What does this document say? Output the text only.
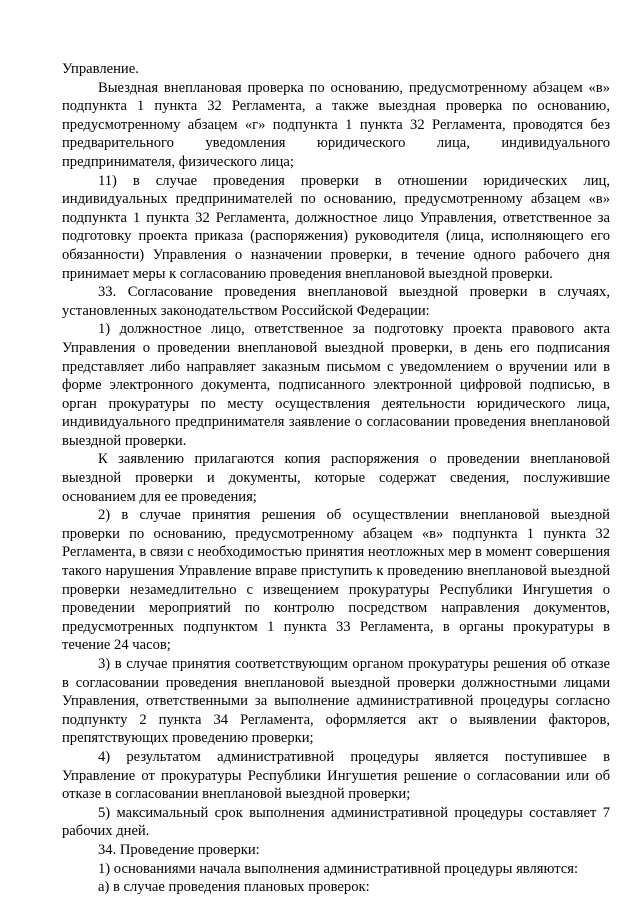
Управление.

Выездная внеплановая проверка по основанию, предусмотренному абзацем «в» подпункта 1 пункта 32 Регламента, а также выездная проверка по основанию, предусмотренному абзацем «г» подпункта 1 пункта 32 Регламента, проводятся без предварительного уведомления юридического лица, индивидуального предпринимателя, физического лица;

11) в случае проведения проверки в отношении юридических лиц, индивидуальных предпринимателей по основанию, предусмотренному абзацем «в» подпункта 1 пункта 32 Регламента, должностное лицо Управления, ответственное за подготовку проекта приказа (распоряжения) руководителя (лица, исполняющего его обязанности) Управления о назначении проверки, в течение одного рабочего дня принимает меры к согласованию проведения внеплановой выездной проверки.

33. Согласование проведения внеплановой выездной проверки в случаях, установленных законодательством Российской Федерации:

1) должностное лицо, ответственное за подготовку проекта правового акта Управления о проведении внеплановой выездной проверки, в день его подписания представляет либо направляет заказным письмом с уведомлением о вручении или в форме электронного документа, подписанного электронной цифровой подписью, в орган прокуратуры по месту осуществления деятельности юридического лица, индивидуального предпринимателя заявление о согласовании проведения внеплановой выездной проверки.

К заявлению прилагаются копия распоряжения о проведении внеплановой выездной проверки и документы, которые содержат сведения, послужившие основанием для ее проведения;

2) в случае принятия решения об осуществлении внеплановой выездной проверки по основанию, предусмотренному абзацем «в» подпункта 1 пункта 32 Регламента, в связи с необходимостью принятия неотложных мер в момент совершения такого нарушения Управление вправе приступить к проведению внеплановой выездной проверки незамедлительно с извещением прокуратуры Республики Ингушетия о проведении мероприятий по контролю посредством направления документов, предусмотренных подпунктом 1 пункта 33 Регламента, в органы прокуратуры в течение 24 часов;

3) в случае принятия соответствующим органом прокуратуры решения об отказе в согласовании проведения внеплановой выездной проверки должностными лицами Управления, ответственными за выполнение административной процедуры согласно подпункту 2 пункта 34 Регламента, оформляется акт о выявлении факторов, препятствующих проведению проверки;

4) результатом административной процедуры является поступившее в Управление от прокуратуры Республики Ингушетия решение о согласовании или об отказе в согласовании внеплановой выездной проверки;

5) максимальный срок выполнения административной процедуры составляет 7 рабочих дней.

34. Проведение проверки:

1) основаниями начала выполнения административной процедуры являются:

а) в случае проведения плановых проверок:
